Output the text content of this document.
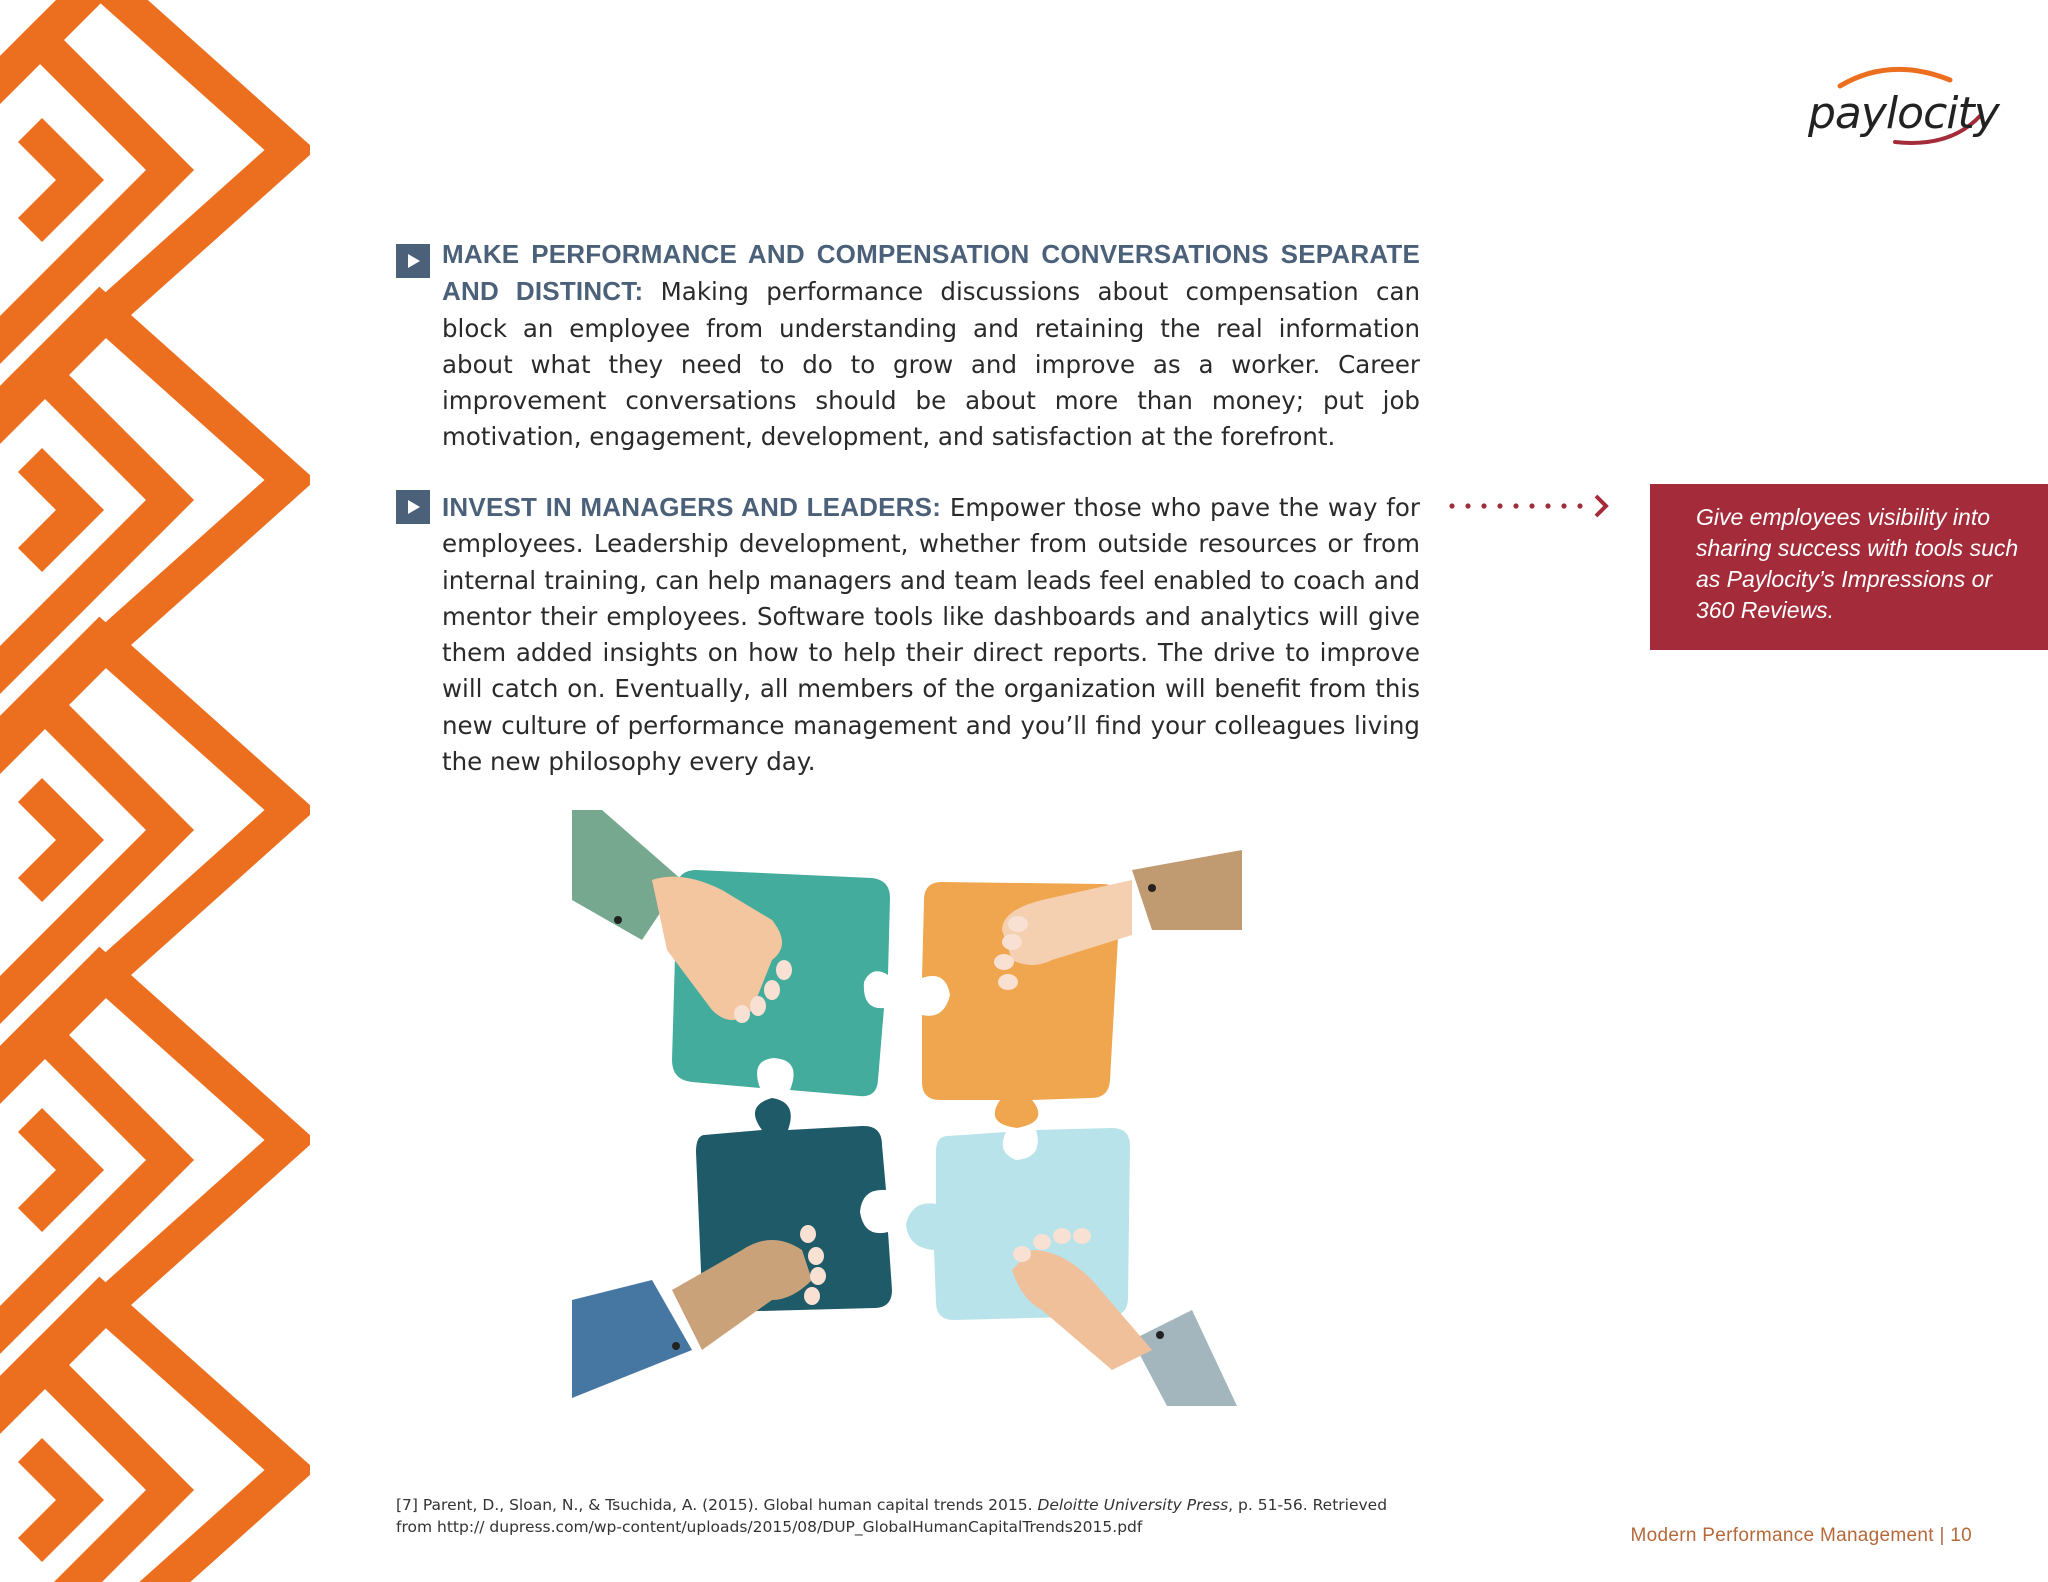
paylocity
MAKE PERFORMANCE AND COMPENSATION CONVERSATIONS SEPARATE AND DISTINCT: Making performance discussions about compensation can block an employee from understanding and retaining the real information about what they need to do to grow and improve as a worker. Career improvement conversations should be about more than money; put job motivation, engagement, development, and satisfaction at the forefront.
INVEST IN MANAGERS AND LEADERS: Empower those who pave the way for employees. Leadership development, whether from outside resources or from internal training, can help managers and team leads feel enabled to coach and mentor their employees. Software tools like dashboards and analytics will give them added insights on how to help their direct reports. The drive to improve will catch on. Eventually, all members of the organization will benefit from this new culture of performance management and you’ll find your colleagues living the new philosophy every day.
Give employees visibility into sharing success with tools such as Paylocity’s Impressions or 360 Reviews.
[7] Parent, D., Sloan, N., & Tsuchida, A. (2015). Global human capital trends 2015. Deloitte University Press, p. 51-56. Retrieved from http:// dupress.com/wp-content/uploads/2015/08/DUP_GlobalHumanCapitalTrends2015.pdf	Modern Performance Management | 10
